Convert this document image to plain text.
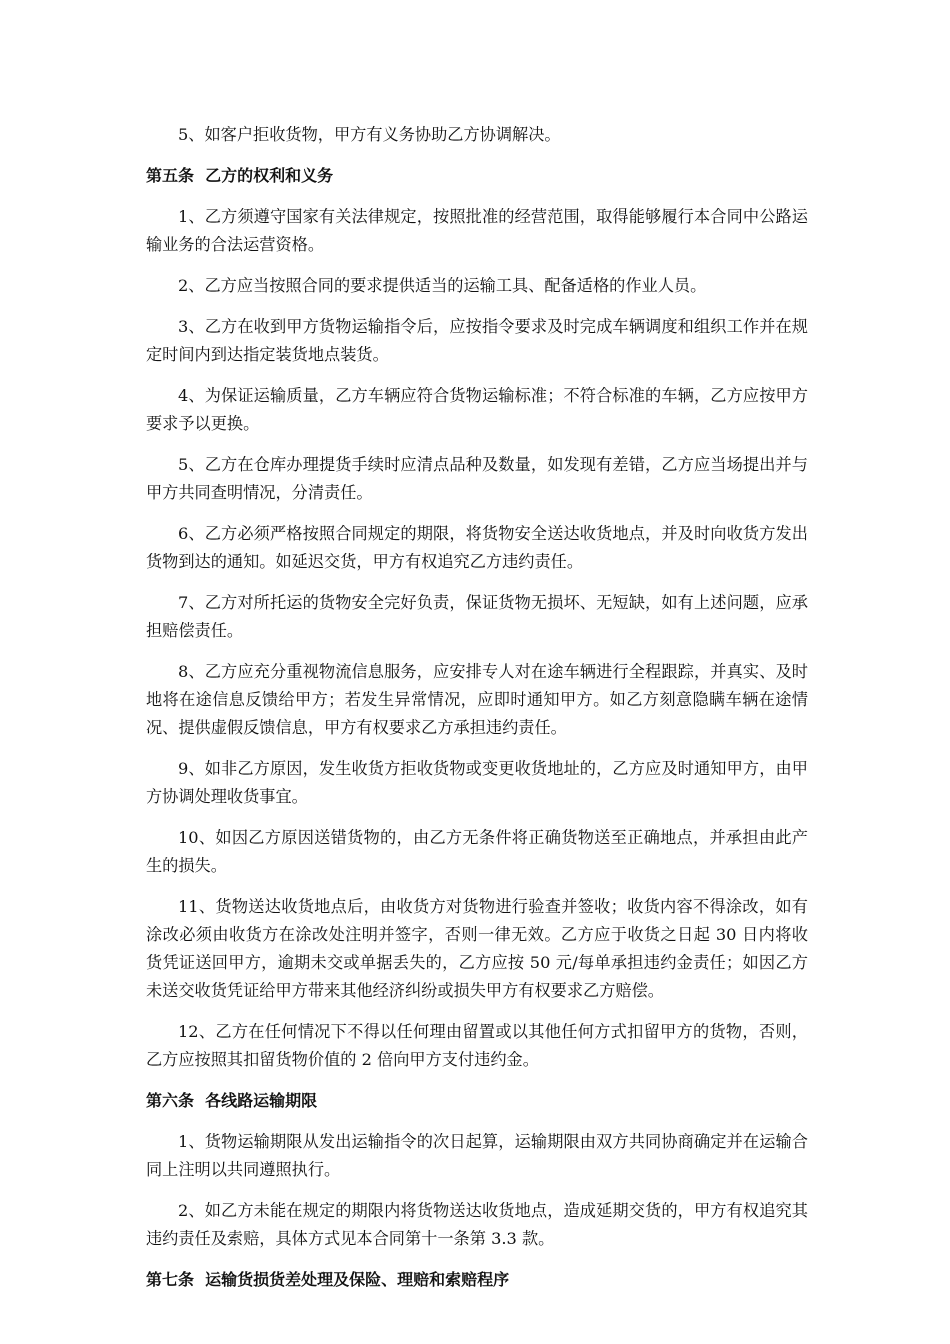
5、如客户拒收货物，甲方有义务协助乙方协调解决。

第五条  乙方的权利和义务

1、乙方须遵守国家有关法律规定，按照批准的经营范围，取得能够履行本合同中公路运输业务的合法运营资格。

2、乙方应当按照合同的要求提供适当的运输工具、配备适格的作业人员。

3、乙方在收到甲方货物运输指令后，应按指令要求及时完成车辆调度和组织工作并在规定时间内到达指定装货地点装货。

4、为保证运输质量，乙方车辆应符合货物运输标准；不符合标准的车辆，乙方应按甲方要求予以更换。

5、乙方在仓库办理提货手续时应清点品种及数量，如发现有差错，乙方应当场提出并与甲方共同查明情况，分清责任。

6、乙方必须严格按照合同规定的期限，将货物安全送达收货地点，并及时向收货方发出货物到达的通知。如延迟交货，甲方有权追究乙方违约责任。

7、乙方对所托运的货物安全完好负责，保证货物无损坏、无短缺，如有上述问题，应承担赔偿责任。

8、乙方应充分重视物流信息服务，应安排专人对在途车辆进行全程跟踪，并真实、及时地将在途信息反馈给甲方；若发生异常情况，应即时通知甲方。如乙方刻意隐瞒车辆在途情况、提供虚假反馈信息，甲方有权要求乙方承担违约责任。

9、如非乙方原因，发生收货方拒收货物或变更收货地址的，乙方应及时通知甲方，由甲方协调处理收货事宜。

10、如因乙方原因送错货物的，由乙方无条件将正确货物送至正确地点，并承担由此产生的损失。

11、货物送达收货地点后，由收货方对货物进行验查并签收；收货内容不得涂改，如有涂改必须由收货方在涂改处注明并签字，否则一律无效。乙方应于收货之日起 30 日内将收货凭证送回甲方，逾期未交或单据丢失的，乙方应按 50 元/每单承担违约金责任；如因乙方未送交收货凭证给甲方带来其他经济纠纷或损失甲方有权要求乙方赔偿。

12、乙方在任何情况下不得以任何理由留置或以其他任何方式扣留甲方的货物，否则，乙方应按照其扣留货物价值的 2 倍向甲方支付违约金。

第六条  各线路运输期限

1、货物运输期限从发出运输指令的次日起算，运输期限由双方共同协商确定并在运输合同上注明以共同遵照执行。

2、如乙方未能在规定的期限内将货物送达收货地点，造成延期交货的，甲方有权追究其违约责任及索赔，具体方式见本合同第十一条第 3.3 款。

第七条  运输货损货差处理及保险、理赔和索赔程序
